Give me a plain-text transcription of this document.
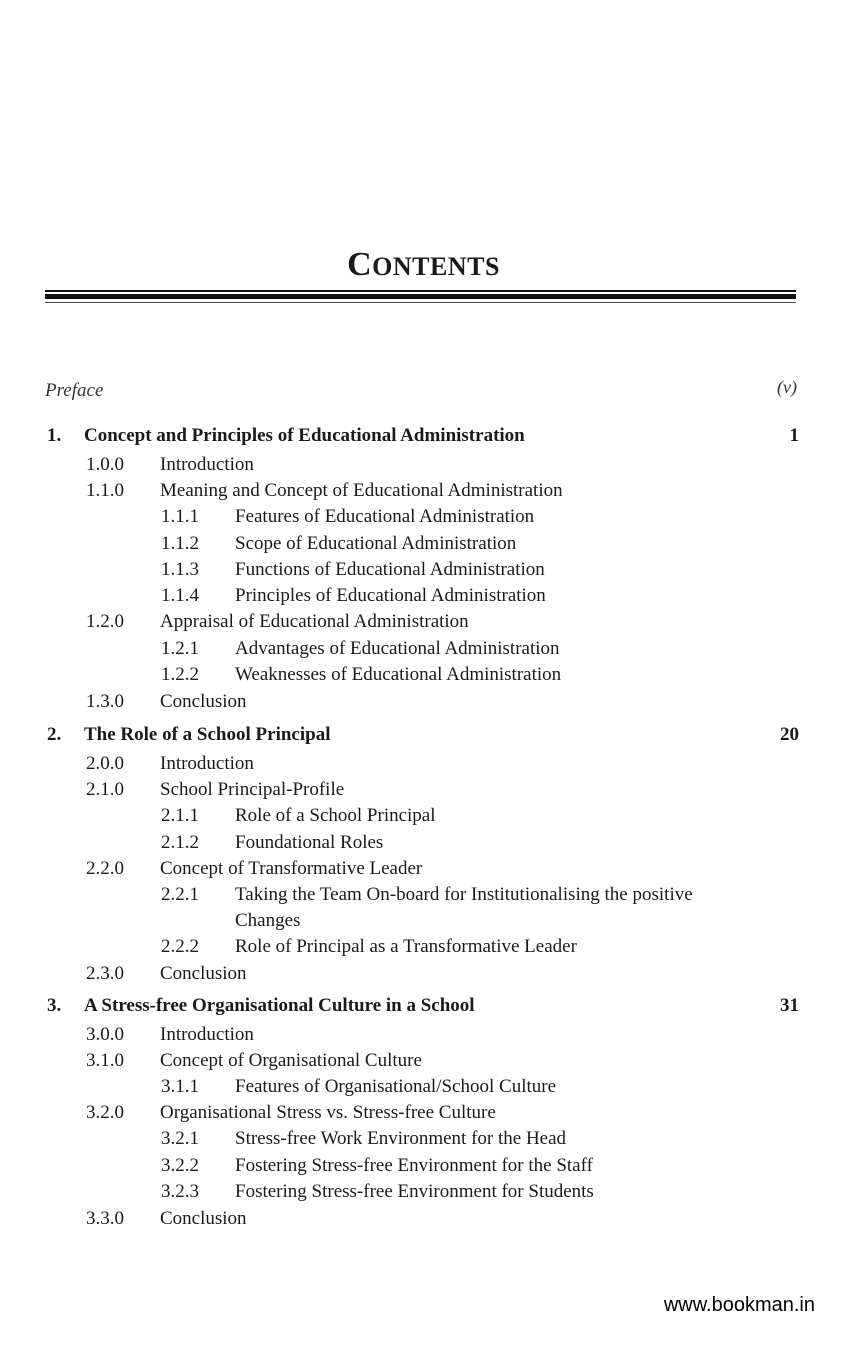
CONTENTS
Preface	(v)
1. Concept and Principles of Educational Administration	1
1.0.0 Introduction
1.1.0 Meaning and Concept of Educational Administration
1.1.1 Features of Educational Administration
1.1.2 Scope of Educational Administration
1.1.3 Functions of Educational Administration
1.1.4 Principles of Educational Administration
1.2.0 Appraisal of Educational Administration
1.2.1 Advantages of Educational Administration
1.2.2 Weaknesses of Educational Administration
1.3.0 Conclusion
2. The Role of a School Principal	20
2.0.0 Introduction
2.1.0 School Principal-Profile
2.1.1 Role of a School Principal
2.1.2 Foundational Roles
2.2.0 Concept of Transformative Leader
2.2.1 Taking the Team On-board for Institutionalising the positive
Changes
2.2.2 Role of Principal as a Transformative Leader
2.3.0 Conclusion
3. A Stress-free Organisational Culture in a School	31
3.0.0 Introduction
3.1.0 Concept of Organisational Culture
3.1.1 Features of Organisational/School Culture
3.2.0 Organisational Stress vs. Stress-free Culture
3.2.1 Stress-free Work Environment for the Head
3.2.2 Fostering Stress-free Environment for the Staff
3.2.3 Fostering Stress-free Environment for Students
3.3.0 Conclusion
www.bookman.in
